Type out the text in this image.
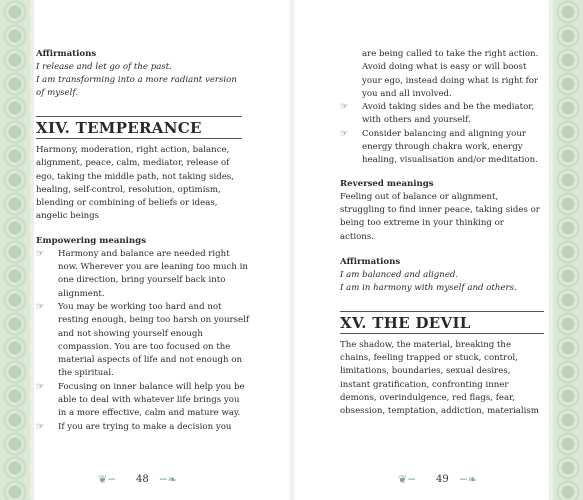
Affirmations

I release and let go of the past.

I am transforming into a more radiant version of myself.

XIV. TEMPERANCE

Harmony, moderation, right action, balance, alignment, peace, calm, mediator, release of ego, taking the middle path, not taking sides, healing, self-control, resolution, optimism, blending or combining of beliefs or ideas, angelic beings

Empowering meanings

☞ Harmony and balance are needed right now. Wherever you are leaning too much in one direction, bring yourself back into alignment.
☞ You may be working too hard and not resting enough, being too harsh on yourself and not showing yourself enough compassion. You are too focused on the material aspects of life and not enough on the spiritual.
☞ Focusing on inner balance will help you be able to deal with whatever life brings you in a more effective, calm and mature way.
☞ If you are trying to make a decision you
❦─ 48 ─❧

are being called to take the right action. Avoid doing what is easy or will boost your ego, instead doing what is right for you and all involved.

☞ Avoid taking sides and be the mediator, with others and yourself.
☞ Consider balancing and aligning your energy through chakra work, energy healing, visualisation and/or meditation.

Reversed meanings

Feeling out of balance or alignment, struggling to find inner peace, taking sides or being too extreme in your thinking or actions.

Affirmations

I am balanced and aligned.

I am in harmony with myself and others.

XV. THE DEVIL

The shadow, the material, breaking the chains, feeling trapped or stuck, control, limitations, boundaries, sexual desires, instant gratification, confronting inner demons, overindulgence, red flags, fear, obsession, temptation, addiction, materialism

❦─ 49 ─❧
